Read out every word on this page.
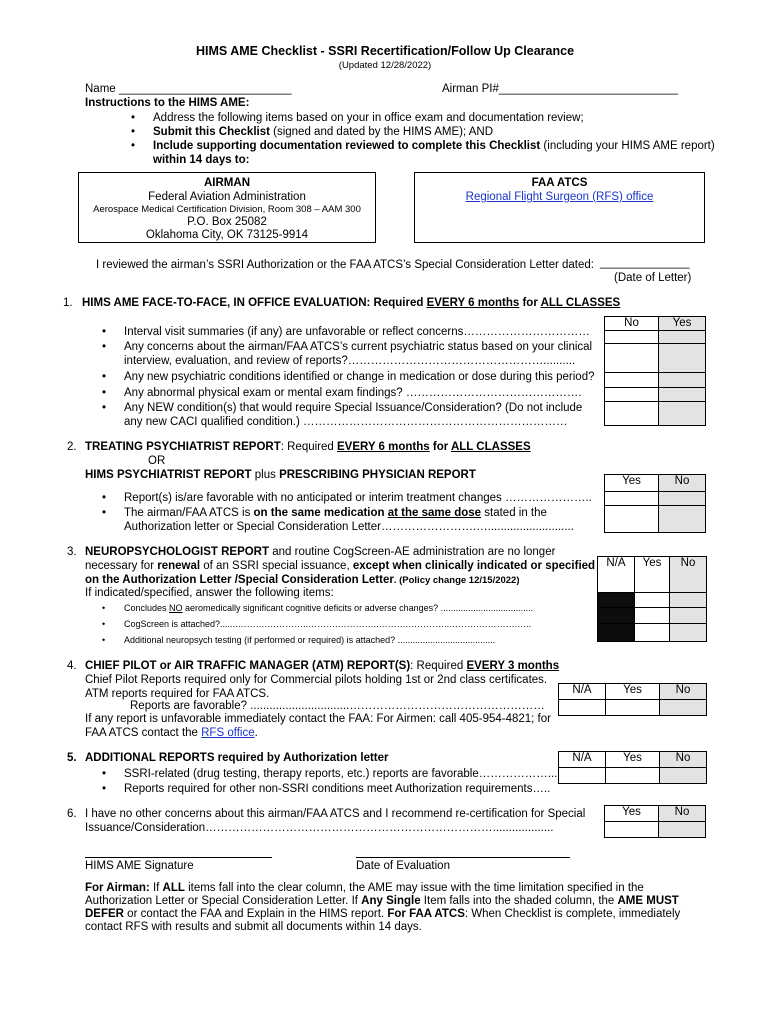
HIMS AME Checklist - SSRI Recertification/Follow Up Clearance
(Updated 12/28/2022)
Name ___________________________	Airman PI#____________________________
Instructions to the HIMS AME:
• Address the following items based on your in office exam and documentation review;
• Submit this Checklist (signed and dated by the HIMS AME); AND
• Include supporting documentation reviewed to complete this Checklist (including your HIMS AME report)
within 14 days to:
AIRMAN
Federal Aviation Administration
Aerospace Medical Certification Division, Room 308 – AAM 300
P.O. Box 25082
Oklahoma City, OK 73125-9914
FAA ATCS
Regional Flight Surgeon (RFS) office
I reviewed the airman’s SSRI Authorization or the FAA ATCS’s Special Consideration Letter dated: ______________
(Date of Letter)
1. HIMS AME FACE-TO-FACE, IN OFFICE EVALUATION: Required EVERY 6 months for ALL CLASSES
No	Yes

• Interval visit summaries (if any) are unfavorable or reflect concerns……………………………
• Any concerns about the airman/FAA ATCS’s current psychiatric status based on your clinical
interview, evaluation, and review of reports?……………………………………………..........
• Any new psychiatric conditions identified or change in medication or dose during this period?
• Any abnormal physical exam or mental exam findings? ……………………………………….
• Any NEW condition(s) that would require Special Issuance/Consideration? (Do not include
any new CACI qualified condition.) ……………………………………………………………
2. TREATING PSYCHIATRIST REPORT: Required EVERY 6 months for ALL CLASSES
OR
HIMS PSYCHIATRIST REPORT plus PRESCRIBING PHYSICIAN REPORT	Yes	No

• Report(s) is/are favorable with no anticipated or interim treatment changes …………………..
• The airman/FAA ATCS is on the same medication at the same dose stated in the
Authorization letter or Special Consideration Letter…………………….…...........................
3. NEUROPSYCHOLOGIST REPORT and routine CogScreen-AE administration are no longer
necessary for renewal of an SSRI special issuance, except when clinically indicated or specified
on the Authorization Letter /Special Consideration Letter. (Policy change 12/15/2022)
If indicated/specified, answer the following items:
N/A	Yes	No

• Concludes NO aeromedically significant cognitive deficits or adverse changes? .....................................
• CogScreen is attached?.......……….…………..……….…………..……….…………..……….………….…..
• Additional neuropsych testing (if performed or required) is attached? .......................................
4. CHIEF PILOT or AIR TRAFFIC MANAGER (ATM) REPORT(S): Required EVERY 3 months
Chief Pilot Reports required only for Commercial pilots holding 1st or 2nd class certificates.
ATM reports required for FAA ATCS.
Reports are favorable? ...............................……………………………………………
If any report is unfavorable immediately contact the FAA: For Airmen: call 405-954-4821; for
FAA ATCS contact the RFS office.
N/A	Yes	No

5. ADDITIONAL REPORTS required by Authorization letter
• SSRI-related (drug testing, therapy reports, etc.) reports are favorable………………...
• Reports required for other non-SSRI conditions meet Authorization requirements…..
N/A	Yes	No

6. I have no other concerns about this airman/FAA ATCS and I recommend re-certification for Special
Issuance/Consideration…………………………………………………………………...................
Yes	No

HIMS AME Signature	Date of Evaluation
For Airman: If ALL items fall into the clear column, the AME may issue with the time limitation specified in the
Authorization Letter or Special Consideration Letter. If Any Single Item falls into the shaded column, the AME MUST
DEFER or contact the FAA and Explain in the HIMS report. For FAA ATCS: When Checklist is complete, immediately
contact RFS with results and submit all documents within 14 days.
